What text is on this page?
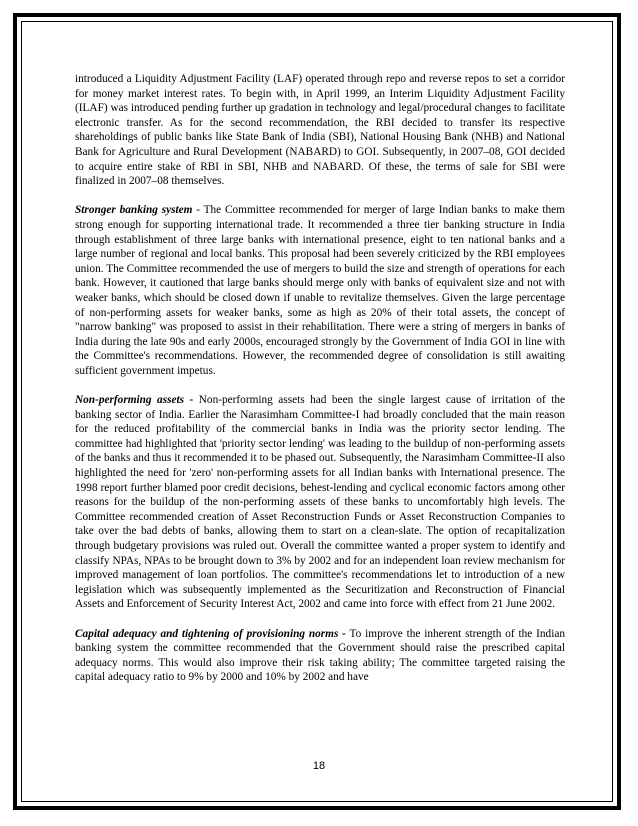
introduced a Liquidity Adjustment Facility (LAF) operated through repo and reverse repos to set a corridor for money market interest rates. To begin with, in April 1999, an Interim Liquidity Adjustment Facility (ILAF) was introduced pending further up gradation in technology and legal/procedural changes to facilitate electronic transfer. As for the second recommendation, the RBI decided to transfer its respective shareholdings of public banks like State Bank of India (SBI), National Housing Bank (NHB) and National Bank for Agriculture and Rural Development (NABARD) to GOI. Subsequently, in 2007–08, GOI decided to acquire entire stake of RBI in SBI, NHB and NABARD. Of these, the terms of sale for SBI were finalized in 2007–08 themselves.

Stronger banking system - The Committee recommended for merger of large Indian banks to make them strong enough for supporting international trade. It recommended a three tier banking structure in India through establishment of three large banks with international presence, eight to ten national banks and a large number of regional and local banks. This proposal had been severely criticized by the RBI employees union. The Committee recommended the use of mergers to build the size and strength of operations for each bank. However, it cautioned that large banks should merge only with banks of equivalent size and not with weaker banks, which should be closed down if unable to revitalize themselves. Given the large percentage of non-performing assets for weaker banks, some as high as 20% of their total assets, the concept of "narrow banking" was proposed to assist in their rehabilitation. There were a string of mergers in banks of India during the late 90s and early 2000s, encouraged strongly by the Government of India GOI in line with the Committee's recommendations. However, the recommended degree of consolidation is still awaiting sufficient government impetus.

Non-performing assets - Non-performing assets had been the single largest cause of irritation of the banking sector of India. Earlier the Narasimham Committee-I had broadly concluded that the main reason for the reduced profitability of the commercial banks in India was the priority sector lending. The committee had highlighted that 'priority sector lending' was leading to the buildup of non-performing assets of the banks and thus it recommended it to be phased out. Subsequently, the Narasimham Committee-II also highlighted the need for 'zero' non-performing assets for all Indian banks with International presence. The 1998 report further blamed poor credit decisions, behest-lending and cyclical economic factors among other reasons for the buildup of the non-performing assets of these banks to uncomfortably high levels. The Committee recommended creation of Asset Reconstruction Funds or Asset Reconstruction Companies to take over the bad debts of banks, allowing them to start on a clean-slate. The option of recapitalization through budgetary provisions was ruled out. Overall the committee wanted a proper system to identify and classify NPAs, NPAs to be brought down to 3% by 2002 and for an independent loan review mechanism for improved management of loan portfolios. The committee's recommendations let to introduction of a new legislation which was subsequently implemented as the Securitization and Reconstruction of Financial Assets and Enforcement of Security Interest Act, 2002 and came into force with effect from 21 June 2002.

Capital adequacy and tightening of provisioning norms - To improve the inherent strength of the Indian banking system the committee recommended that the Government should raise the prescribed capital adequacy norms. This would also improve their risk taking ability; The committee targeted raising the capital adequacy ratio to 9% by 2000 and 10% by 2002 and have

18
